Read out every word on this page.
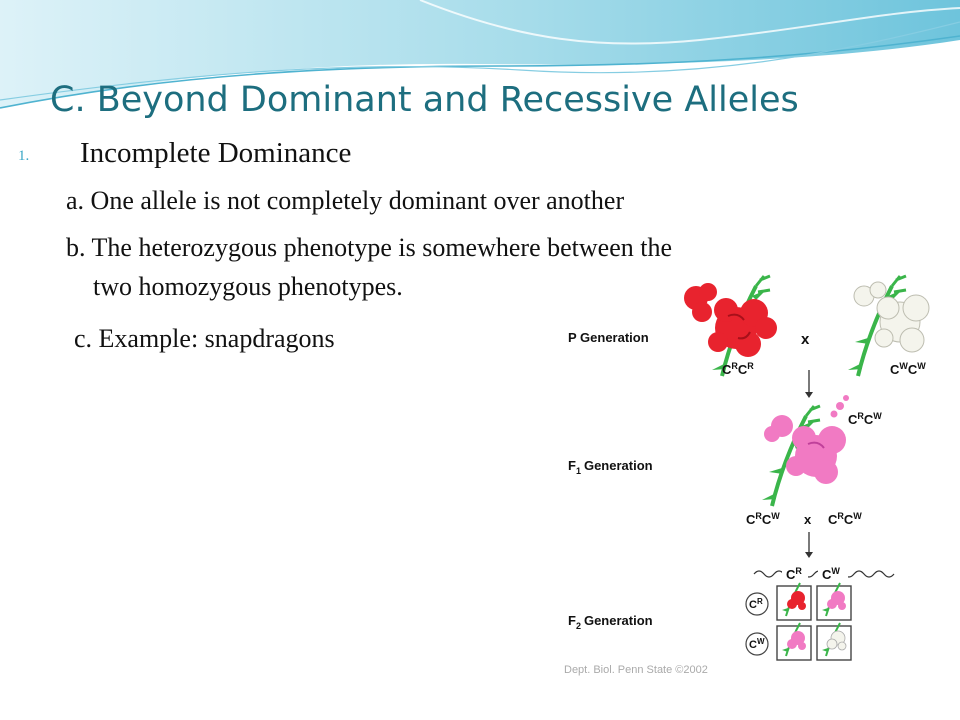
C. Beyond Dominant and Recessive Alleles
1. Incomplete Dominance
a. One allele is not completely dominant over another
b. The heterozygous phenotype is somewhere between the
two homozygous phenotypes.
c. Example: snapdragons	P Generation
$C^RC^R$
x
$C^WC^W$
$F_1$ Generation
$C^RC^W$
$C^RC^W$ x $C^RC^W$
$F_2$ Generation
$C^R$ $C^W$
$C^R$
$C^W$
Dept. Biol. Penn State ©2002
